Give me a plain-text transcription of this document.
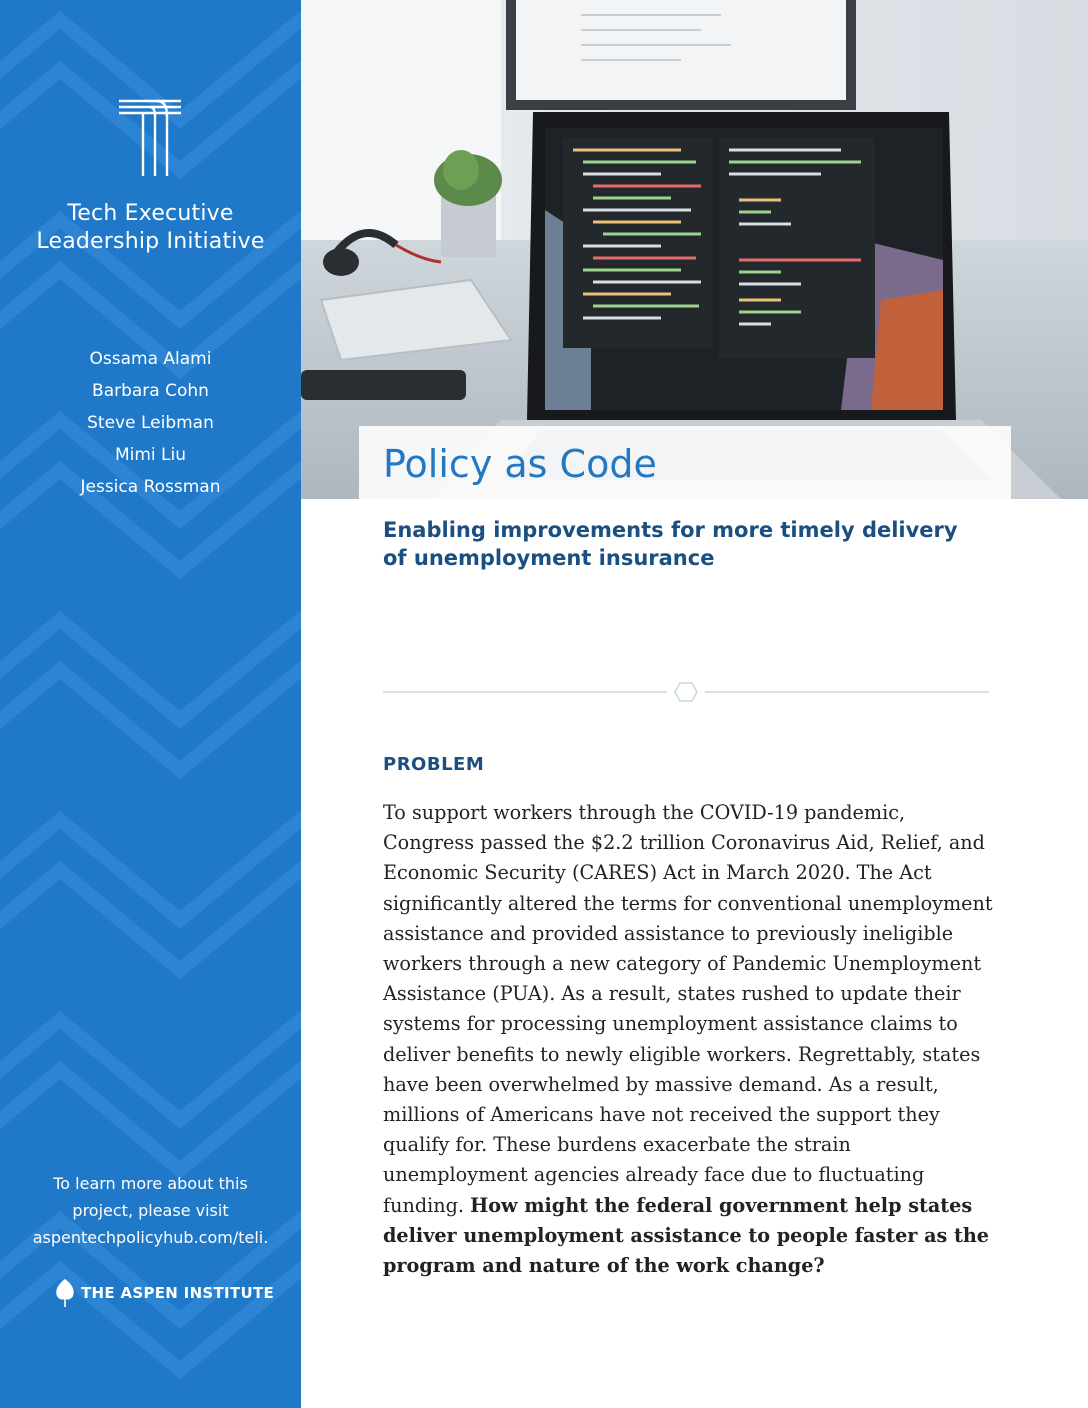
Tech Executive
Leadership Initiative
Ossama Alami
Barbara Cohn
Steve Leibman
Mimi Liu
Jessica Rossman
To learn more about this
project, please visit
aspentechpolicyhub.com/teli.
THE ASPEN INSTITUTE
Policy as Code
Enabling improvements for more timely delivery of unemployment insurance
PROBLEM
To support workers through the COVID-19 pandemic, Congress passed the $2.2 trillion Coronavirus Aid, Relief, and Economic Security (CARES) Act in March 2020. The Act significantly altered the terms for conventional unemployment assistance and provided assistance to previously ineligible workers through a new category of Pandemic Unemployment Assistance (PUA). As a result, states rushed to update their systems for processing unemployment assistance claims to deliver benefits to newly eligible workers. Regrettably, states have been overwhelmed by massive demand. As a result, millions of Americans have not received the support they qualify for. These burdens exacerbate the strain unemployment agencies already face due to fluctuating funding. How might the federal government help states deliver unemployment assistance to people faster as the program and nature of the work change?
